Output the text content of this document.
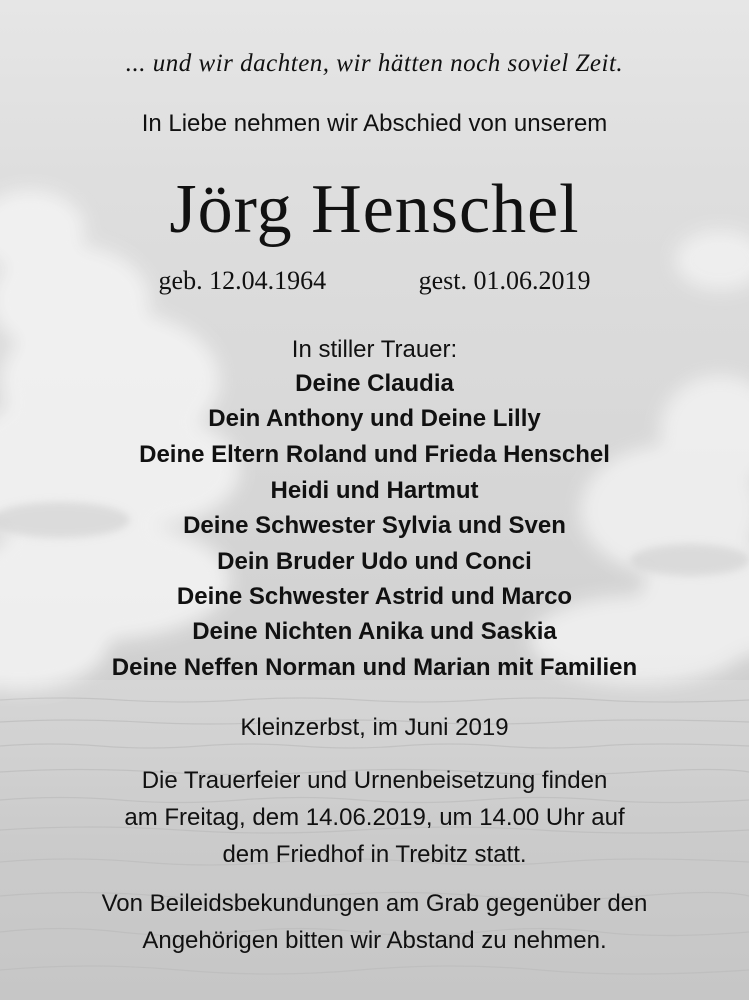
... und wir dachten, wir hätten noch soviel Zeit.
In Liebe nehmen wir Abschied von unserem
Jörg Henschel
geb. 12.04.1964	gest. 01.06.2019
In stiller Trauer:
Deine Claudia
Dein Anthony und Deine Lilly
Deine Eltern Roland und Frieda Henschel
Heidi und Hartmut
Deine Schwester Sylvia und Sven
Dein Bruder Udo und Conci
Deine Schwester Astrid und Marco
Deine Nichten Anika und Saskia
Deine Neffen Norman und Marian mit Familien
Kleinzerbst, im Juni 2019
Die Trauerfeier und Urnenbeisetzung finden
am Freitag, dem 14.06.2019, um 14.00 Uhr auf
dem Friedhof in Trebitz statt.
Von Beileidsbekundungen am Grab gegenüber den
Angehörigen bitten wir Abstand zu nehmen.
